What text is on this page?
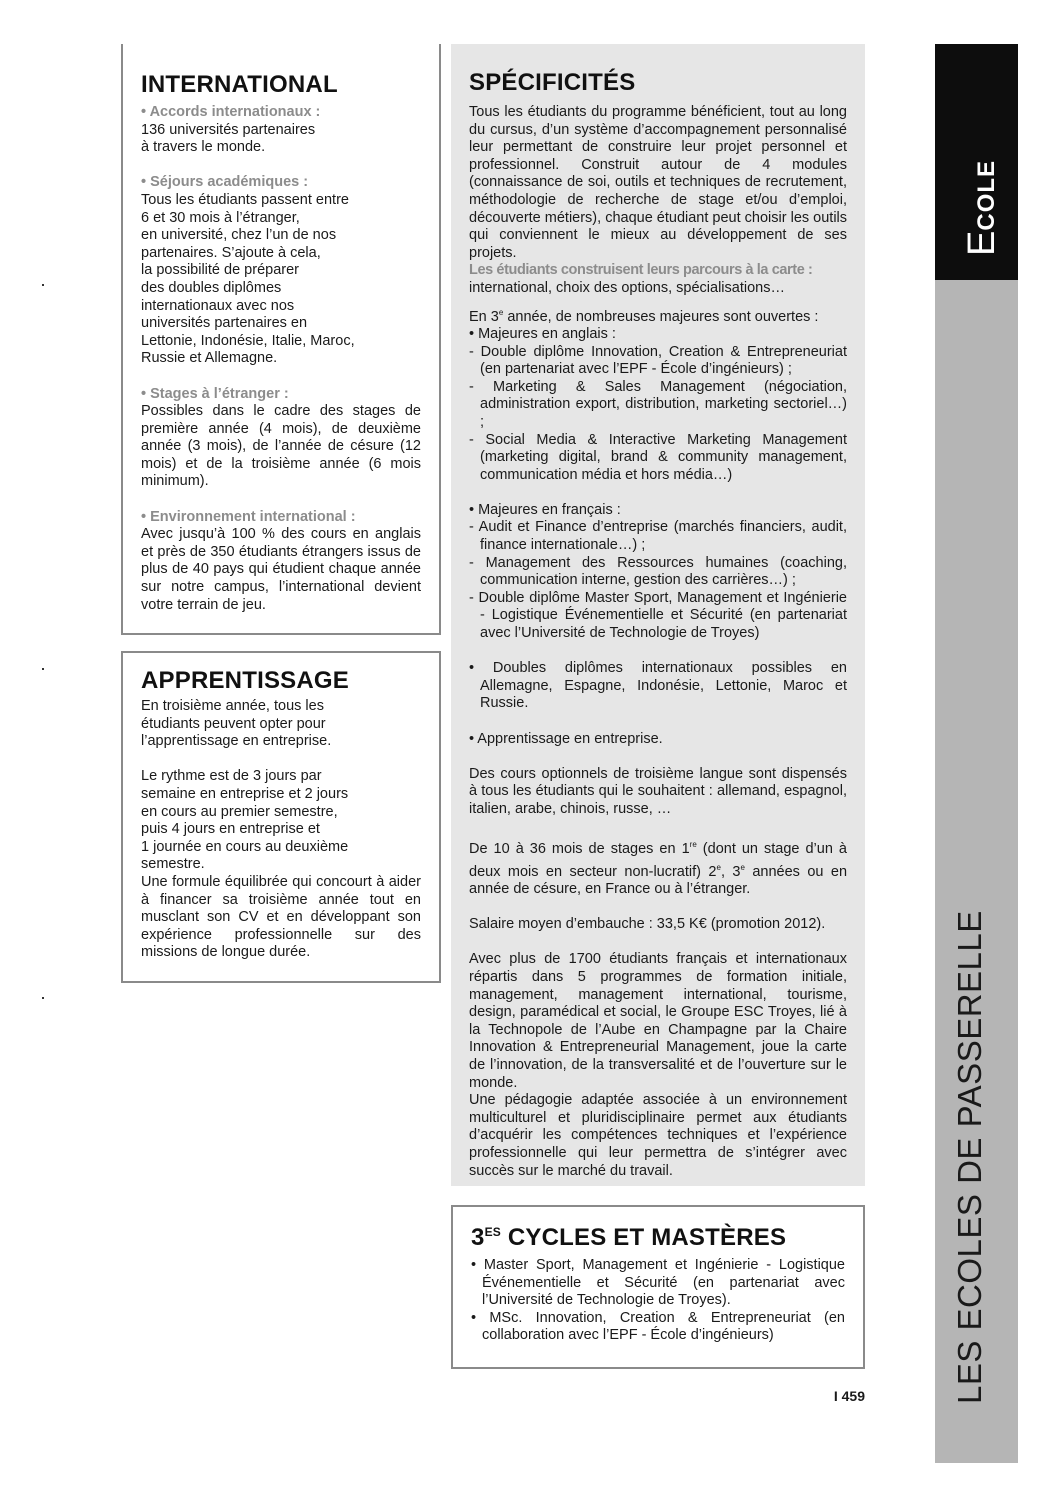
INTERNATIONAL

• Accords internationaux :

136 universités partenaires

à travers le monde.

• Séjours académiques :

Tous les étudiants passent entre

6 et 30 mois à l’étranger,

en université, chez l’un de nos

partenaires. S’ajoute à cela,

la possibilité de préparer

des doubles diplômes

internationaux avec nos

universités partenaires en

Lettonie, Indonésie, Italie, Maroc,

Russie et Allemagne.

• Stages à l’étranger :

Possibles dans le cadre des stages de première année (4 mois), de deuxième année (3 mois), de l’année de césure (12 mois) et de la troisième année (6 mois minimum).

• Environnement international :

Avec jusqu’à 100 % des cours en anglais et près de 350 étudiants étrangers issus de plus de 40 pays qui étudient chaque année sur notre campus, l’international devient votre terrain de jeu.

APPRENTISSAGE

En troisième année, tous les

étudiants peuvent opter pour

l’apprentissage en entreprise.

Le rythme est de 3 jours par

semaine en entreprise et 2 jours

en cours au premier semestre,

puis 4 jours en entreprise et

1 journée en cours au deuxième

semestre.

Une formule équilibrée qui concourt à aider à financer sa troisième année tout en musclant son CV et en développant son expérience professionnelle sur des missions de longue durée.

SPÉCIFICITÉS

Tous les étudiants du programme bénéficient, tout au long du cursus, d’un système d’accompagnement personnalisé leur permettant de construire leur projet personnel et professionnel. Construit autour de 4 modules (connaissance de soi, outils et techniques de recrutement, méthodologie de recherche de stage et/ou d’emploi, découverte métiers), chaque étudiant peut choisir les outils qui conviennent le mieux au développement de ses projets.

Les étudiants construisent leurs parcours à la carte :

international, choix des options, spécialisations…

En 3e année, de nombreuses majeures sont ouvertes :

• Majeures en anglais :

- Double diplôme Innovation, Creation & Entrepreneuriat (en partenariat avec l’EPF - École d’ingénieurs) ;
- Marketing & Sales Management (négociation, administration export, distribution, marketing sectoriel…) ;
- Social Media & Interactive Marketing Management (marketing digital, brand & community management, communication média et hors média…)

• Majeures en français :

- Audit et Finance d’entreprise (marchés financiers, audit, finance internationale…) ;
- Management des Ressources humaines (coaching, communication interne, gestion des carrières…) ;
- Double diplôme Master Sport, Management et Ingénierie - Logistique Événementielle et Sécurité (en partenariat avec l’Université de Technologie de Troyes)
• Doubles diplômes internationaux possibles en Allemagne, Espagne, Indonésie, Lettonie, Maroc et Russie.

• Apprentissage en entreprise.

Des cours optionnels de troisième langue sont dispensés à tous les étudiants qui le souhaitent : allemand, espagnol, italien, arabe, chinois, russe, …

De 10 à 36 mois de stages en 1re (dont un stage d’un à deux mois en secteur non-lucratif) 2e, 3e années ou en année de césure, en France ou à l’étranger.

Salaire moyen d’embauche : 33,5 K€ (promotion 2012).

Avec plus de 1700 étudiants français et internationaux répartis dans 5 programmes de formation initiale, management, management international, tourisme, design, paramédical et social, le Groupe ESC Troyes, lié à la Technopole de l’Aube en Champagne par la Chaire Innovation & Entrepreneurial Management, joue la carte de l’innovation, de la transversalité et de l’ouverture sur le monde.

Une pédagogie adaptée associée à un environnement multiculturel et pluridisciplinaire permet aux étudiants d’acquérir les compétences techniques et l’expérience professionnelle qui leur permettra de s’intégrer avec succès sur le marché du travail.

$3^{ES}$ CYCLES ET MASTÈRES
• Master Sport, Management et Ingénierie - Logistique Événementielle et Sécurité (en partenariat avec l’Université de Technologie de Troyes).
• MSc. Innovation, Creation & Entrepreneuriat (en collaboration avec l’EPF - École d’ingénieurs)
I 459
ECOLE
LES ECOLES DE PASSERELLE
